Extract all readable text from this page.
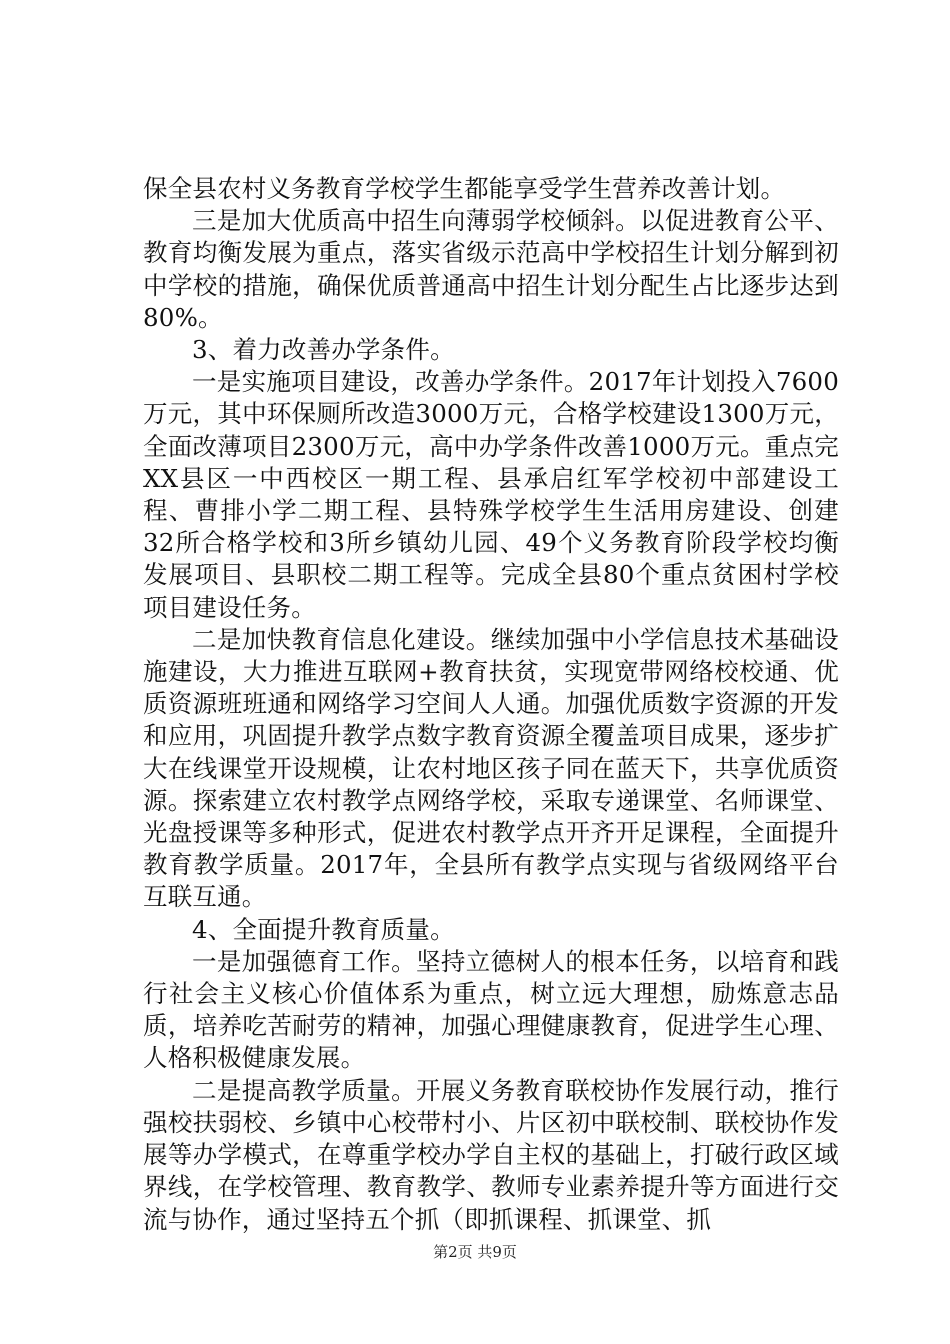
保全县农村义务教育学校学生都能享受学生营养改善计划。

三是加大优质高中招生向薄弱学校倾斜。以促进教育公平、教育均衡发展为重点，落实省级示范高中学校招生计划分解到初中学校的措施，确保优质普通高中招生计划分配生占比逐步达到80%。

3、着力改善办学条件。

一是实施项目建设，改善办学条件。2017年计划投入7600万元，其中环保厕所改造3000万元，合格学校建设1300万元，全面改薄项目2300万元，高中办学条件改善1000万元。重点完XX县区一中西校区一期工程、县承启红军学校初中部建设工程、曹排小学二期工程、县特殊学校学生生活用房建设、创建32所合格学校和3所乡镇幼儿园、49个义务教育阶段学校均衡发展项目、县职校二期工程等。完成全县80个重点贫困村学校项目建设任务。

二是加快教育信息化建设。继续加强中小学信息技术基础设施建设，大力推进互联网+教育扶贫，实现宽带网络校校通、优质资源班班通和网络学习空间人人通。加强优质数字资源的开发和应用，巩固提升教学点数字教育资源全覆盖项目成果，逐步扩大在线课堂开设规模，让农村地区孩子同在蓝天下，共享优质资源。探索建立农村教学点网络学校，采取专递课堂、名师课堂、光盘授课等多种形式，促进农村教学点开齐开足课程，全面提升教育教学质量。2017年，全县所有教学点实现与省级网络平台互联互通。

4、全面提升教育质量。

一是加强德育工作。坚持立德树人的根本任务，以培育和践行社会主义核心价值体系为重点，树立远大理想，励炼意志品质，培养吃苦耐劳的精神，加强心理健康教育，促进学生心理、人格积极健康发展。

二是提高教学质量。开展义务教育联校协作发展行动，推行强校扶弱校、乡镇中心校带村小、片区初中联校制、联校协作发展等办学模式，在尊重学校办学自主权的基础上，打破行政区域界线，在学校管理、教育教学、教师专业素养提升等方面进行交流与协作，通过坚持五个抓（即抓课程、抓课堂、抓

第2页 共9页
